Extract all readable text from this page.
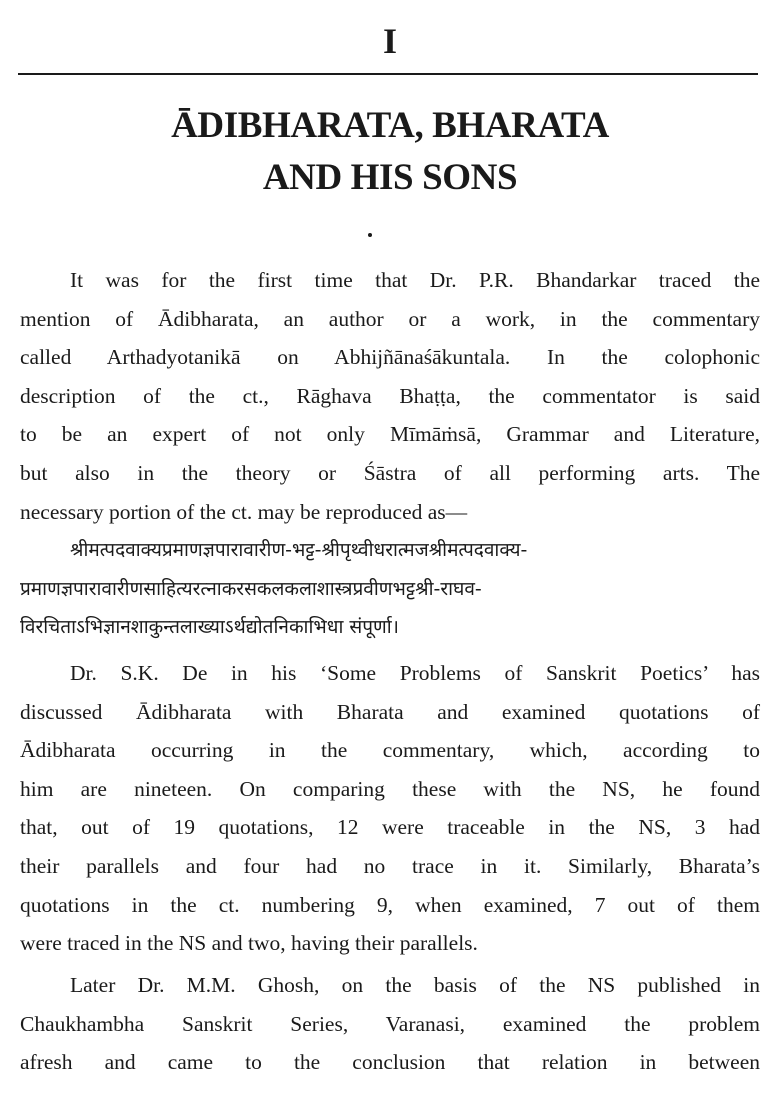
I
ĀDIBHARATA, BHARATA
AND HIS SONS
It was for the first time that Dr. P.R. Bhandarkar traced the
mention of Ādibharata, an author or a work, in the commentary
called Arthadyotanikā on Abhijñānaśākuntala. In the colophonic
description of the ct., Rāghava Bhaṭṭa, the commentator is said
to be an expert of not only Mīmāṁsā, Grammar and Literature,
but also in the theory or Śāstra of all performing arts. The
necessary portion of the ct. may be reproduced as—
श्रीमत्पदवाक्यप्रमाणज्ञपारावारीण-भट्ट-श्रीपृथ्वीधरात्मजश्रीमत्पदवाक्य-
प्रमाणज्ञपारावारीणसाहित्यरत्नाकरसकलकलाशास्त्रप्रवीणभट्टश्री-राघव-
विरचिताऽभिज्ञानशाकुन्तलाख्याऽर्थद्योतनिकाभिधा संपूर्णा।
Dr. S.K. De in his ‘Some Problems of Sanskrit Poetics’ has
discussed Ādibharata with Bharata and examined quotations of
Ādibharata occurring in the commentary, which, according to
him are nineteen. On comparing these with the NS, he found
that, out of 19 quotations, 12 were traceable in the NS, 3 had
their parallels and four had no trace in it. Similarly, Bharata’s
quotations in the ct. numbering 9, when examined, 7 out of them
were traced in the NS and two, having their parallels.
Later Dr. M.M. Ghosh, on the basis of the NS published in
Chaukhambha Sanskrit Series, Varanasi, examined the problem
afresh and came to the conclusion that relation in between
